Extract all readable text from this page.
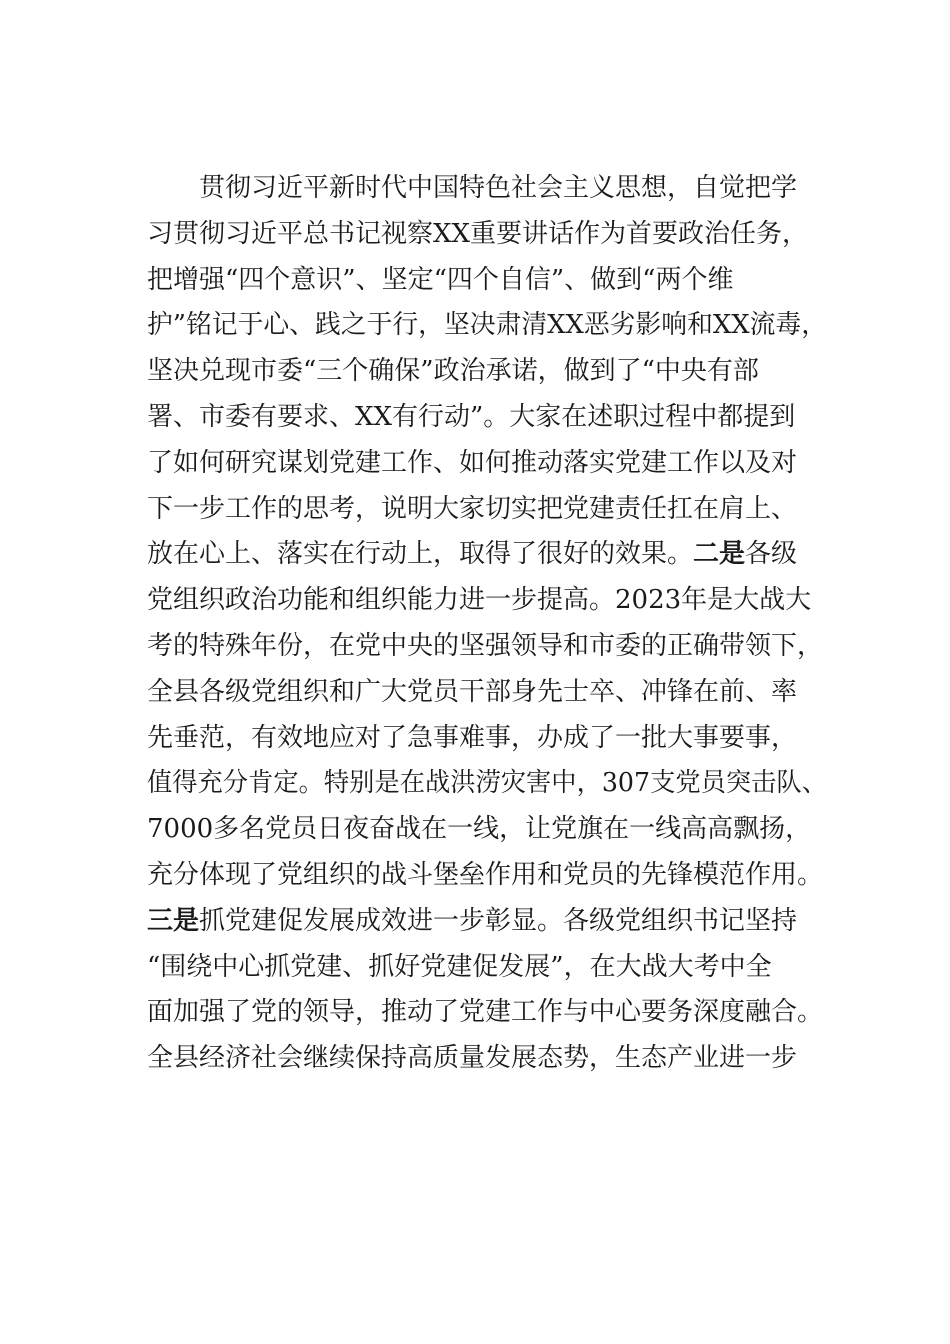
贯彻习近平新时代中国特色社会主义思想，自觉把学
习贯彻习近平总书记视察XX重要讲话作为首要政治任务，
把增强“四个意识”、坚定“四个自信”、做到“两个维
护”铭记于心、践之于行，坚决肃清XX恶劣影响和XX流毒，
坚决兑现市委“三个确保”政治承诺，做到了“中央有部
署、市委有要求、XX有行动”。大家在述职过程中都提到
了如何研究谋划党建工作、如何推动落实党建工作以及对
下一步工作的思考，说明大家切实把党建责任扛在肩上、
放在心上、落实在行动上，取得了很好的效果。二是各级
党组织政治功能和组织能力进一步提高。2023年是大战大
考的特殊年份，在党中央的坚强领导和市委的正确带领下，
全县各级党组织和广大党员干部身先士卒、冲锋在前、率
先垂范，有效地应对了急事难事，办成了一批大事要事，
值得充分肯定。特别是在战洪涝灾害中，307支党员突击队、
7000多名党员日夜奋战在一线，让党旗在一线高高飘扬，
充分体现了党组织的战斗堡垒作用和党员的先锋模范作用。
三是抓党建促发展成效进一步彰显。各级党组织书记坚持
“围绕中心抓党建、抓好党建促发展”，在大战大考中全
面加强了党的领导，推动了党建工作与中心要务深度融合。
全县经济社会继续保持高质量发展态势，生态产业进一步
